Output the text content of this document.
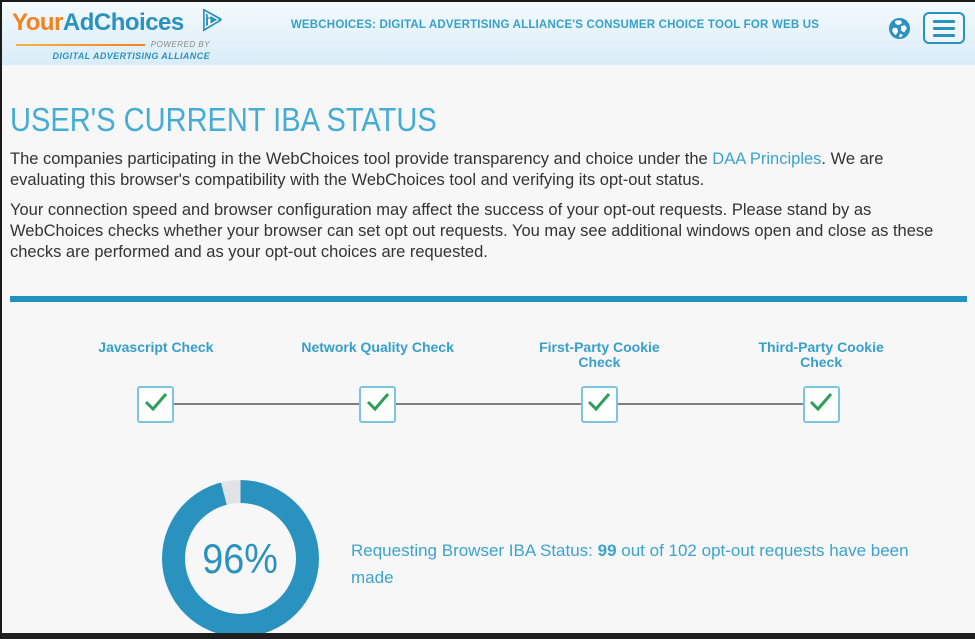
YourAdChoices
POWERED BY
DIGITAL ADVERTISING ALLIANCE
WEBCHOICES: DIGITAL ADVERTISING ALLIANCE'S CONSUMER CHOICE TOOL FOR WEB US
USER'S CURRENT IBA STATUS

The companies participating in the WebChoices tool provide transparency and choice under the DAA Principles. We are evaluating this browser's compatibility with the WebChoices tool and verifying its opt-out status.

Your connection speed and browser configuration may affect the success of your opt-out requests. Please stand by as WebChoices checks whether your browser can set opt out requests. You may see additional windows open and close as these checks are performed and as your opt-out choices are requested.

Javascript Check	Network Quality Check	First-Party Cookie Check
Third-Party Cookie Check
96%	Requesting Browser IBA Status: 99 out of 102 opt-out requests have been made
